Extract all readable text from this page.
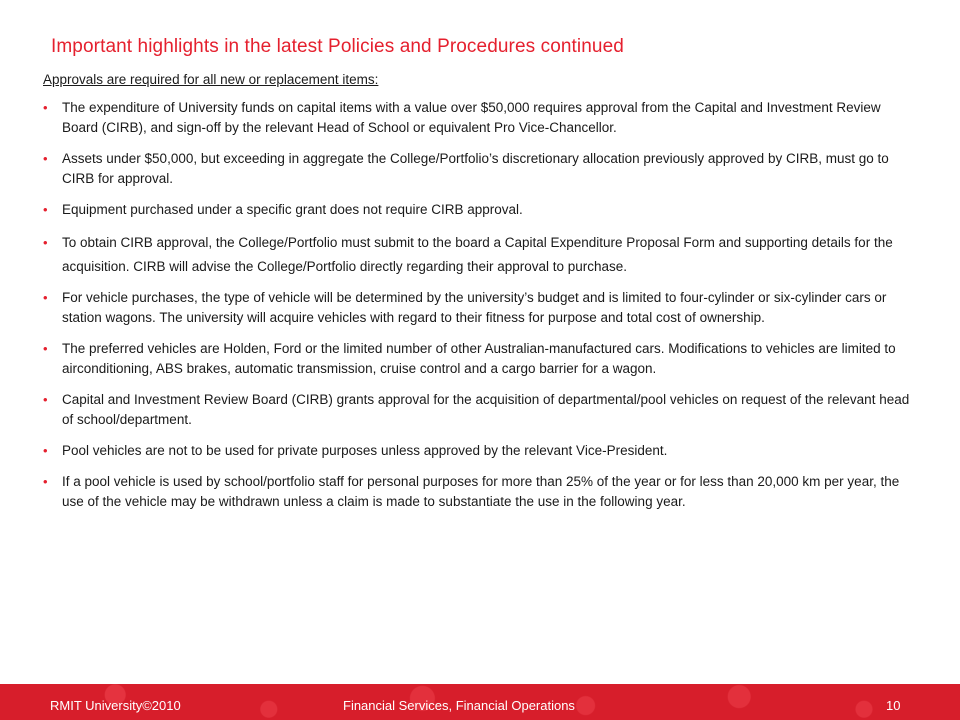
Important highlights in the latest Policies and Procedures continued
Approvals are required for all new or replacement items:
• The expenditure of University funds on capital items with a value over $50,000 requires approval from the Capital and Investment Review Board (CIRB), and sign-off by the relevant Head of School or equivalent Pro Vice-Chancellor.
• Assets under $50,000, but exceeding in aggregate the College/Portfolio’s discretionary allocation previously approved by CIRB, must go to CIRB for approval.
• Equipment purchased under a specific grant does not require CIRB approval.
• To obtain CIRB approval, the College/Portfolio must submit to the board a Capital Expenditure Proposal Form and supporting details for the acquisition. CIRB will advise the College/Portfolio directly regarding their approval to purchase.
• For vehicle purchases, the type of vehicle will be determined by the university’s budget and is limited to four-cylinder or six-cylinder cars or station wagons. The university will acquire vehicles with regard to their fitness for purpose and total cost of ownership.
• The preferred vehicles are Holden, Ford or the limited number of other Australian-manufactured cars. Modifications to vehicles are limited to airconditioning, ABS brakes, automatic transmission, cruise control and a cargo barrier for a wagon.
• Capital and Investment Review Board (CIRB) grants approval for the acquisition of departmental/pool vehicles on request of the relevant head of school/department.
• Pool vehicles are not to be used for private purposes unless approved by the relevant Vice-President.
• If a pool vehicle is used by school/portfolio staff for personal purposes for more than 25% of the year or for less than 20,000 km per year, the use of the vehicle may be withdrawn unless a claim is made to substantiate the use in the following year.
RMIT University©2010	Financial Services, Financial Operations	10
